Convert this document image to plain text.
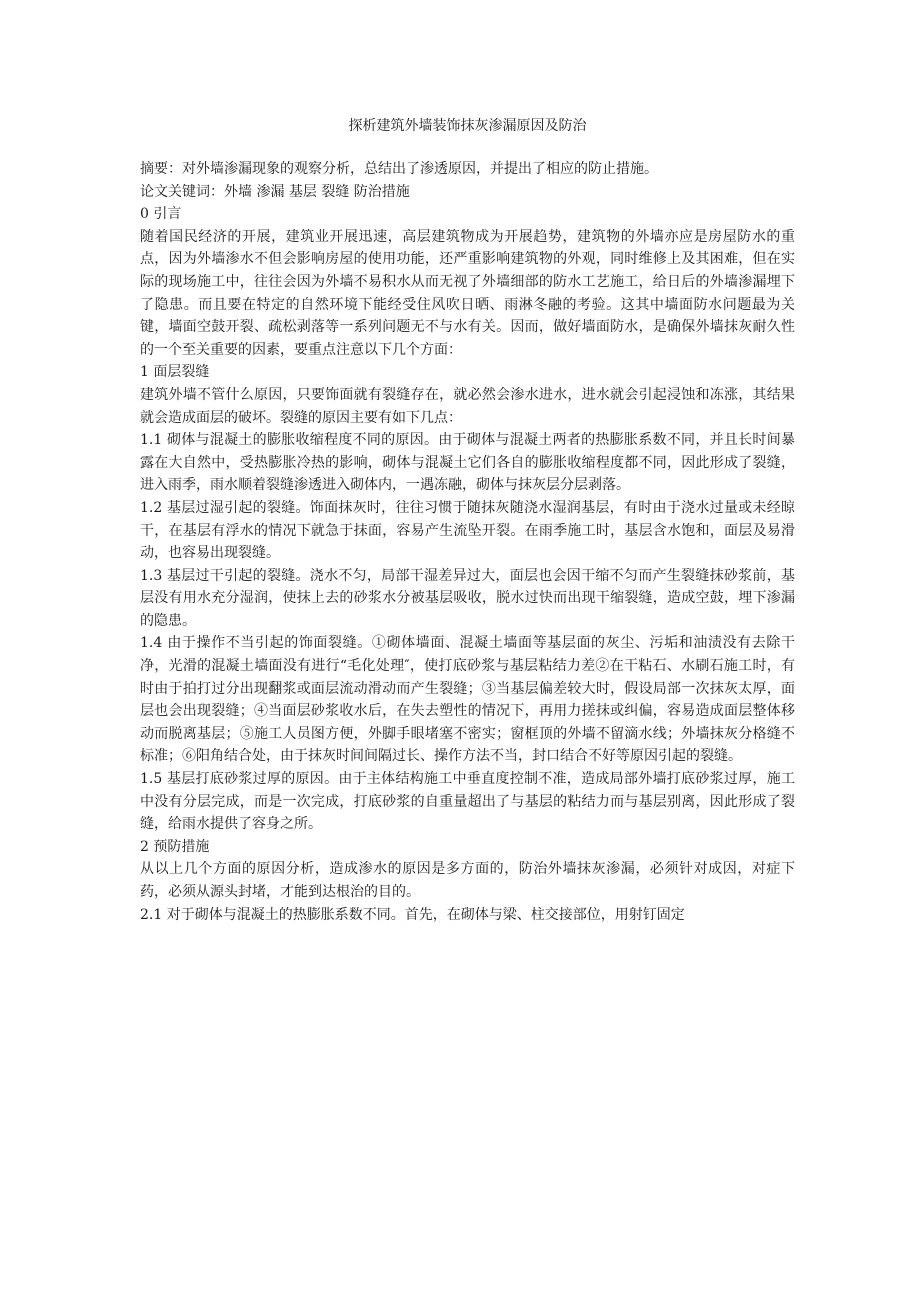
探析建筑外墙装饰抹灰渗漏原因及防治

摘要：对外墙渗漏现象的观察分析，总结出了渗透原因，并提出了相应的防止措施。

论文关键词：外墙 渗漏 基层 裂缝 防治措施

0 引言

随着国民经济的开展，建筑业开展迅速，高层建筑物成为开展趋势，建筑物的外墙亦应是房屋防水的重点，因为外墙渗水不但会影响房屋的使用功能，还严重影响建筑物的外观，同时维修上及其困难，但在实际的现场施工中，往往会因为外墙不易积水从而无视了外墙细部的防水工艺施工，给日后的外墙渗漏埋下了隐患。而且要在特定的自然环境下能经受住风吹日晒、雨淋冬融的考验。这其中墙面防水问题最为关键，墙面空鼓开裂、疏松剥落等一系列问题无不与水有关。因而，做好墙面防水，是确保外墙抹灰耐久性的一个至关重要的因素，要重点注意以下几个方面：

1 面层裂缝

建筑外墙不管什么原因，只要饰面就有裂缝存在，就必然会渗水进水，进水就会引起浸蚀和冻涨，其结果就会造成面层的破坏。裂缝的原因主要有如下几点：

1.1 砌体与混凝土的膨胀收缩程度不同的原因。由于砌体与混凝土两者的热膨胀系数不同，并且长时间暴露在大自然中，受热膨胀冷热的影响，砌体与混凝土它们各自的膨胀收缩程度都不同，因此形成了裂缝，进入雨季，雨水顺着裂缝渗透进入砌体内，一遇冻融，砌体与抹灰层分层剥落。

1.2 基层过湿引起的裂缝。饰面抹灰时，往往习惯于随抹灰随浇水湿润基层，有时由于浇水过量或未经晾干，在基层有浮水的情况下就急于抹面，容易产生流坠开裂。在雨季施工时，基层含水饱和，面层及易滑动，也容易出现裂缝。

1.3 基层过干引起的裂缝。浇水不匀，局部干湿差异过大，面层也会因干缩不匀而产生裂缝抹砂浆前，基层没有用水充分湿润，使抹上去的砂浆水分被基层吸收，脱水过快而出现干缩裂缝，造成空鼓，埋下渗漏的隐患。

1.4 由于操作不当引起的饰面裂缝。①砌体墙面、混凝土墙面等基层面的灰尘、污垢和油渍没有去除干净，光滑的混凝土墙面没有进行“毛化处理″，使打底砂浆与基层粘结力差②在干粘石、水刷石施工时，有时由于拍打过分出现翻浆或面层流动滑动而产生裂缝；③当基层偏差较大时，假设局部一次抹灰太厚，面层也会出现裂缝；④当面层砂浆收水后，在失去塑性的情况下，再用力搓抹或纠偏，容易造成面层整体移动而脱离基层；⑤施工人员图方便，外脚手眼堵塞不密实；窗框顶的外墙不留滴水线；外墙抹灰分格缝不标准；⑥阳角结合处，由于抹灰时间间隔过长、操作方法不当，封口结合不好等原因引起的裂缝。

1.5 基层打底砂浆过厚的原因。由于主体结构施工中垂直度控制不准，造成局部外墙打底砂浆过厚，施工中没有分层完成，而是一次完成，打底砂浆的自重量超出了与基层的粘结力而与基层别离，因此形成了裂缝，给雨水提供了容身之所。

2 预防措施

从以上几个方面的原因分析，造成渗水的原因是多方面的，防治外墙抹灰渗漏，必须针对成因，对症下药，必须从源头封堵，才能到达根治的目的。

2.1 对于砌体与混凝土的热膨胀系数不同。首先，在砌体与梁、柱交接部位，用射钉固定
